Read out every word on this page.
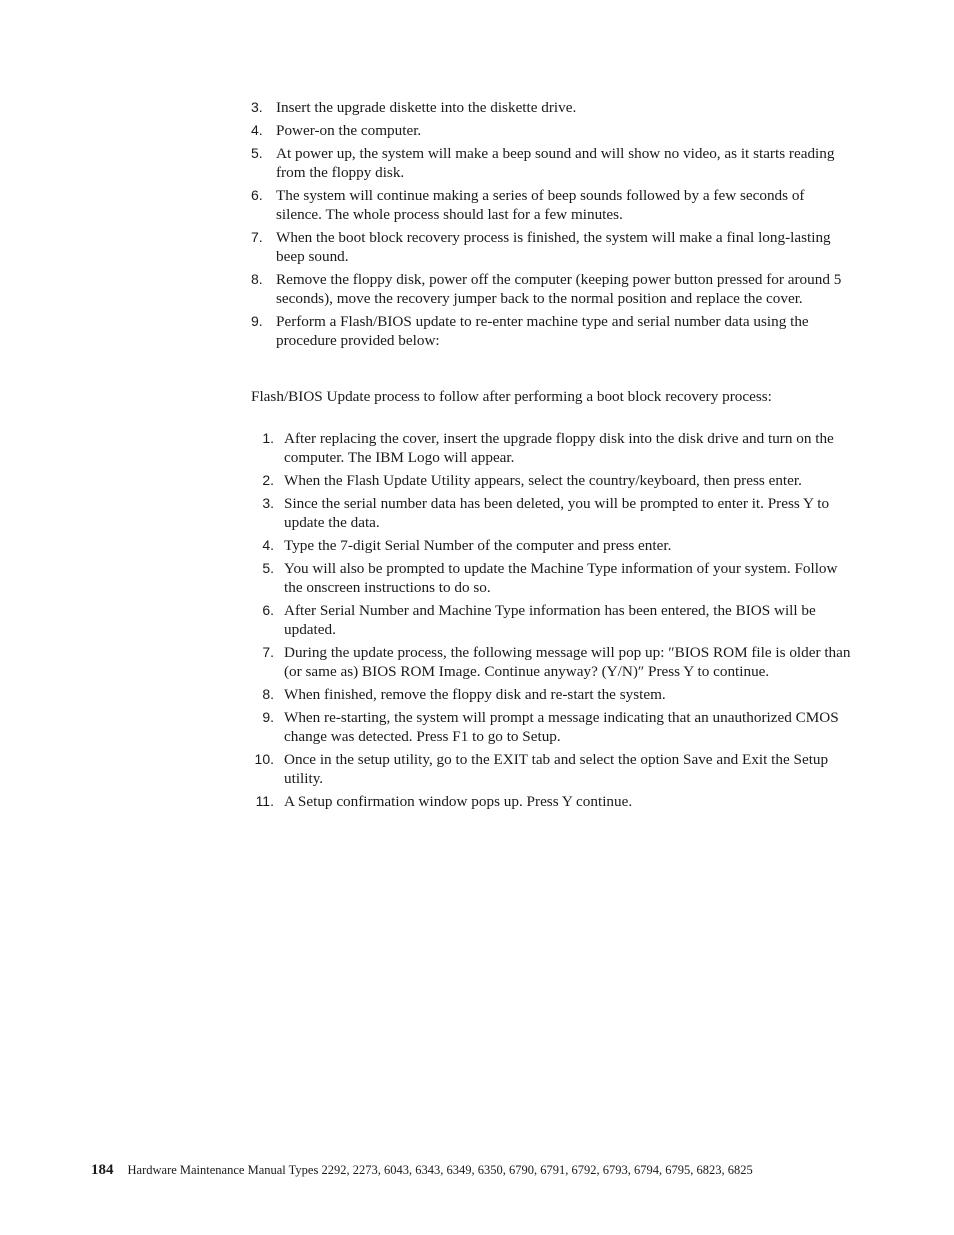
3. Insert the upgrade diskette into the diskette drive.
4. Power-on the computer.
5. At power up, the system will make a beep sound and will show no video, as it starts reading from the floppy disk.
6. The system will continue making a series of beep sounds followed by a few seconds of silence. The whole process should last for a few minutes.
7. When the boot block recovery process is finished, the system will make a final long-lasting beep sound.
8. Remove the floppy disk, power off the computer (keeping power button pressed for around 5 seconds), move the recovery jumper back to the normal position and replace the cover.
9. Perform a Flash/BIOS update to re-enter machine type and serial number data using the procedure provided below:
Flash/BIOS Update process to follow after performing a boot block recovery process:
1. After replacing the cover, insert the upgrade floppy disk into the disk drive and turn on the computer. The IBM Logo will appear.
2. When the Flash Update Utility appears, select the country/keyboard, then press enter.
3. Since the serial number data has been deleted, you will be prompted to enter it. Press Y to update the data.
4. Type the 7-digit Serial Number of the computer and press enter.
5. You will also be prompted to update the Machine Type information of your system. Follow the onscreen instructions to do so.
6. After Serial Number and Machine Type information has been entered, the BIOS will be updated.
7. During the update process, the following message will pop up: ″BIOS ROM file is older than (or same as) BIOS ROM Image. Continue anyway? (Y/N)″ Press Y to continue.
8. When finished, remove the floppy disk and re-start the system.
9. When re-starting, the system will prompt a message indicating that an unauthorized CMOS change was detected. Press F1 to go to Setup.
10. Once in the setup utility, go to the EXIT tab and select the option Save and Exit the Setup utility.
11. A Setup confirmation window pops up. Press Y continue.
184 Hardware Maintenance Manual Types 2292, 2273, 6043, 6343, 6349, 6350, 6790, 6791, 6792, 6793, 6794, 6795, 6823, 6825
